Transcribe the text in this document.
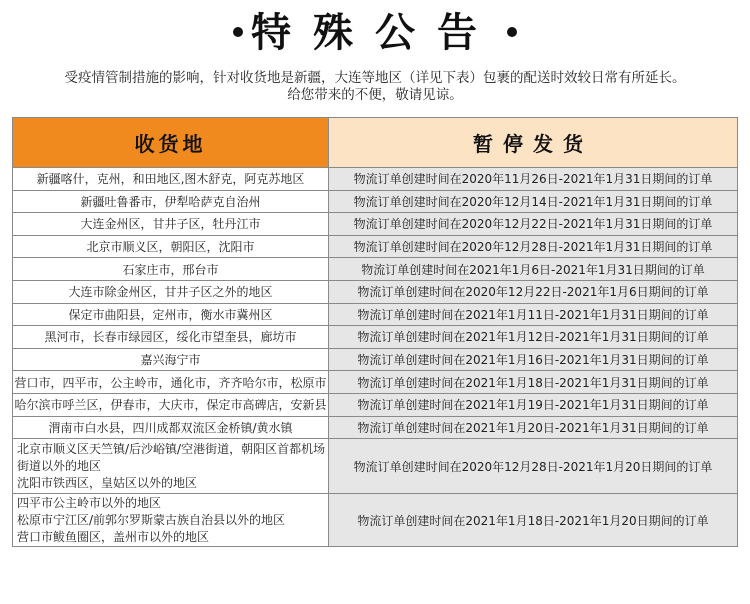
特殊公告
受疫情管制措施的影响，针对收货地是新疆，大连等地区（详见下表）包裹的配送时效较日常有所延长。
给您带来的不便，敬请见谅。
收货地	暂停发货
新疆喀什，克州，和田地区,图木舒克，阿克苏地区	物流订单创建时间在2020年11月26日-2021年1月31日期间的订单
新疆吐鲁番市，伊犁哈萨克自治州	物流订单创建时间在2020年12月14日-2021年1月31日期间的订单
大连金州区，甘井子区，牡丹江市	物流订单创建时间在2020年12月22日-2021年1月31日期间的订单
北京市顺义区，朝阳区，沈阳市	物流订单创建时间在2020年12月28日-2021年1月31日期间的订单
石家庄市，邢台市	物流订单创建时间在2021年1月6日-2021年1月31日期间的订单
大连市除金州区，甘井子区之外的地区	物流订单创建时间在2020年12月22日-2021年1月6日期间的订单
保定市曲阳县，定州市，衡水市冀州区	物流订单创建时间在2021年1月11日-2021年1月31日期间的订单
黑河市，长春市绿园区，绥化市望奎县，廊坊市	物流订单创建时间在2021年1月12日-2021年1月31日期间的订单
嘉兴海宁市	物流订单创建时间在2021年1月16日-2021年1月31日期间的订单
营口市，四平市，公主岭市，通化市，齐齐哈尔市，松原市	物流订单创建时间在2021年1月18日-2021年1月31日期间的订单
哈尔滨市呼兰区，伊春市，大庆市，保定市高碑店，安新县	物流订单创建时间在2021年1月19日-2021年1月31日期间的订单
渭南市白水县，四川成都双流区金桥镇/黄水镇	物流订单创建时间在2021年1月20日-2021年1月31日期间的订单

北京市顺义区天竺镇/后沙峪镇/空港街道，朝阳区首都机场
街道以外的地区
沈阳市铁西区，皇姑区以外的地区	物流订单创建时间在2020年12月28日-2021年1月20日期间的订单

四平市公主岭市以外的地区
松原市宁江区/前郭尔罗斯蒙古族自治县以外的地区
营口市鲅鱼圈区，盖州市以外的地区	物流订单创建时间在2021年1月18日-2021年1月20日期间的订单
